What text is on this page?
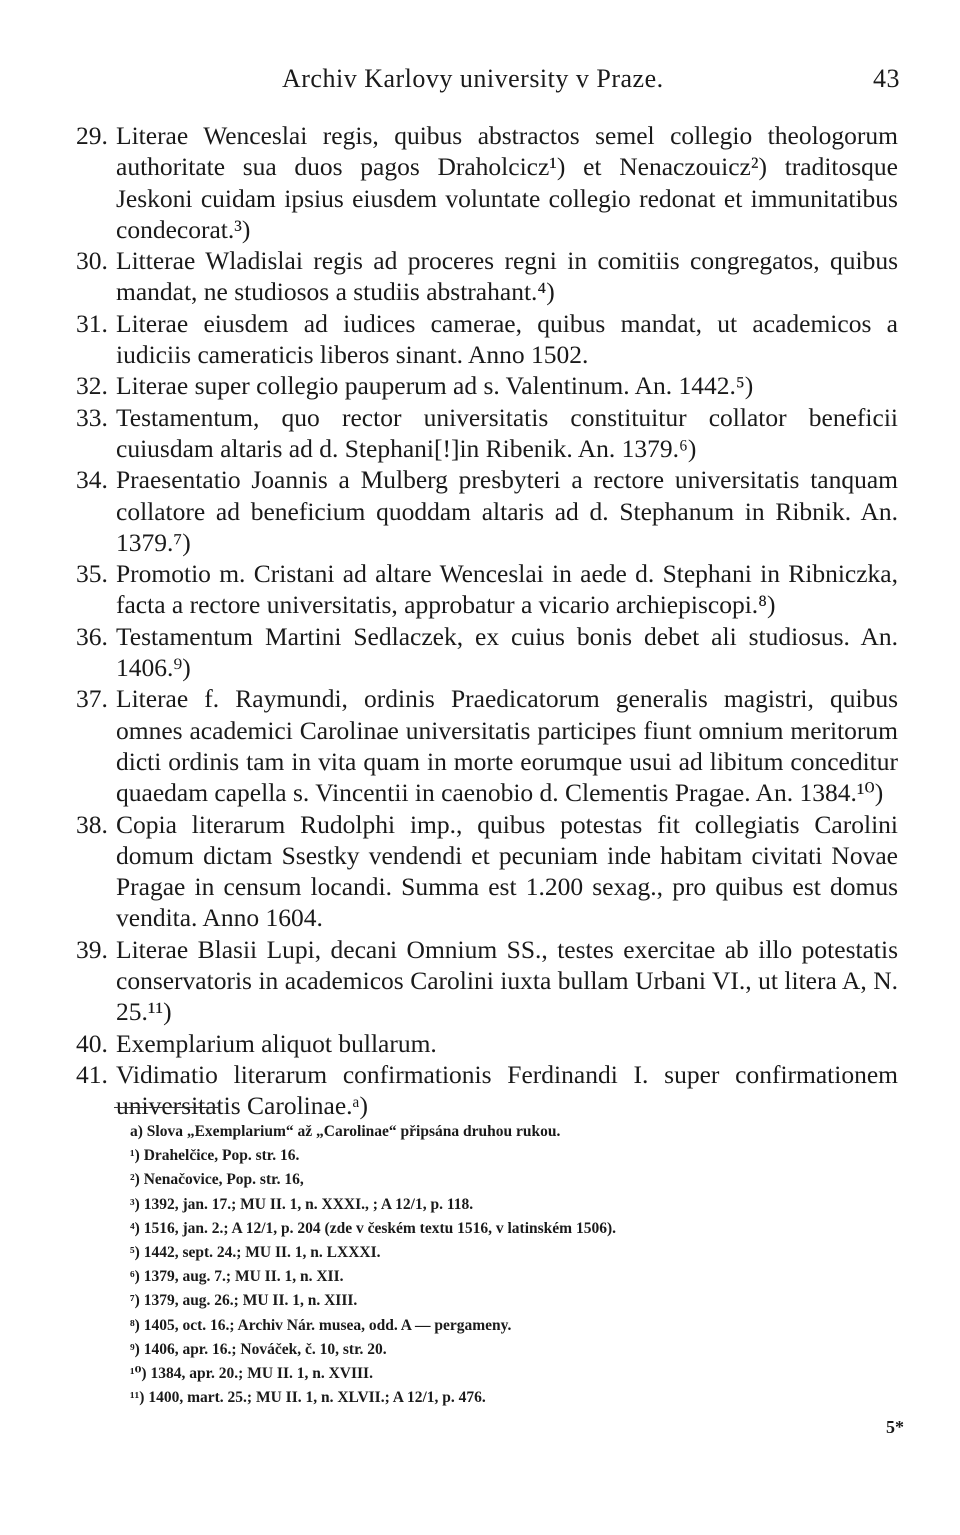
Archiv Karlovy university v Praze.	43
29. Literae Wenceslai regis, quibus abstractos semel collegio theologorum authoritate sua duos pagos Draholcicz¹) et Nenaczouicz²) traditosque Jeskoni cuidam ipsius eiusdem voluntate collegio redonat et immunitatibus condecorat.³)
30. Litterae Wladislai regis ad proceres regni in comitiis congregatos, quibus mandat, ne studiosos a studiis abstrahant.⁴)
31. Literae eiusdem ad iudices camerae, quibus mandat, ut academicos a iudiciis cameraticis liberos sinant. Anno 1502.
32. Literae super collegio pauperum ad s. Valentinum. An. 1442.⁵)
33. Testamentum, quo rector universitatis constituitur collator beneficii cuiusdam altaris ad d. Stephani[!]in Ribenik. An. 1379.⁶)
34. Praesentatio Joannis a Mulberg presbyteri a rectore universitatis tanquam collatore ad beneficium quoddam altaris ad d. Stephanum in Ribnik. An. 1379.⁷)
35. Promotio m. Cristani ad altare Wenceslai in aede d. Stephani in Ribniczka, facta a rectore universitatis, approbatur a vicario archiepiscopi.⁸)
36. Testamentum Martini Sedlaczek, ex cuius bonis debet ali studiosus. An. 1406.⁹)
37. Literae f. Raymundi, ordinis Praedicatorum generalis magistri, quibus omnes academici Carolinae universitatis participes fiunt omnium meritorum dicti ordinis tam in vita quam in morte eorumque usui ad libitum conceditur quaedam capella s. Vincentii in caenobio d. Clementis Pragae. An. 1384.¹⁰)
38. Copia literarum Rudolphi imp., quibus potestas fit collegiatis Carolini domum dictam Ssestky vendendi et pecuniam inde habitam civitati Novae Pragae in censum locandi. Summa est 1.200 sexag., pro quibus est domus vendita. Anno 1604.
39. Literae Blasii Lupi, decani Omnium SS., testes exercitae ab illo potestatis conservatoris in academicos Carolini iuxta bullam Urbani VI., ut litera A, N. 25.¹¹)
40. Exemplarium aliquot bullarum.
41. Vidimatio literarum confirmationis Ferdinandi I. super confirmationem universitatis Carolinae.ᵃ)
a) Slova „Exemplarium“ až „Carolinae“ připsána druhou rukou.
¹) Drahelčice, Pop. str. 16.
²) Nenačovice, Pop. str. 16,
³) 1392, jan. 17.; MU II. 1, n. XXXI., ; A 12/1, p. 118.
⁴) 1516, jan. 2.; A 12/1, p. 204 (zde v českém textu 1516, v latinském 1506).
⁵) 1442, sept. 24.; MU II. 1, n. LXXXI.
⁶) 1379, aug. 7.; MU II. 1, n. XII.
⁷) 1379, aug. 26.; MU II. 1, n. XIII.
⁸) 1405, oct. 16.; Archiv Nár. musea, odd. A — pergameny.
⁹) 1406, apr. 16.; Nováček, č. 10, str. 20.
¹⁰) 1384, apr. 20.; MU II. 1, n. XVIII.
¹¹) 1400, mart. 25.; MU II. 1, n. XLVII.; A 12/1, p. 476.
5*
